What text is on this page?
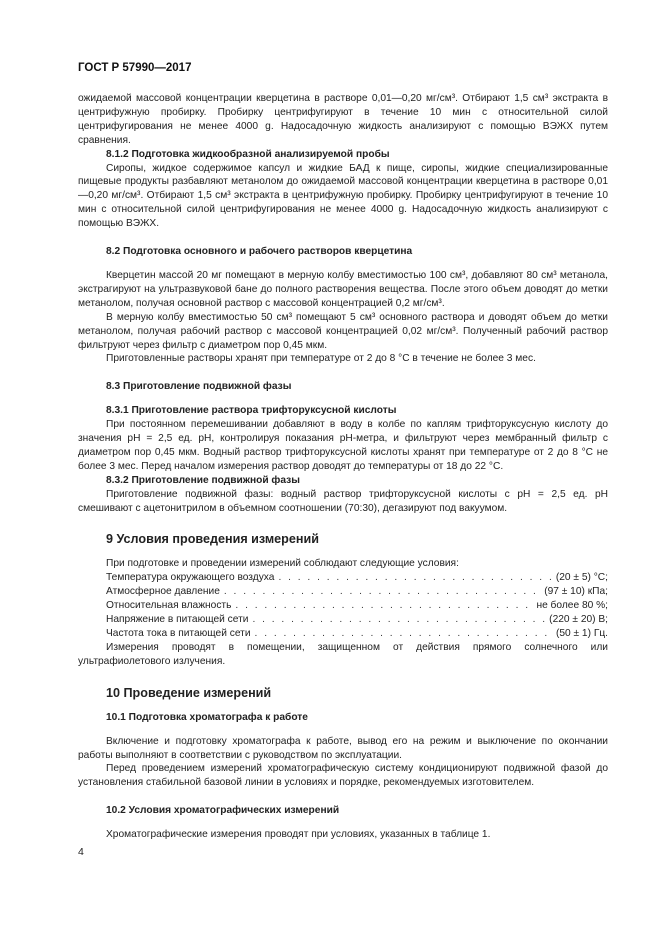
ГОСТ Р 57990—2017

ожидаемой массовой концентрации кверцетина в растворе 0,01—0,20 мг/см³. Отбирают 1,5 см³ экстракта в центрифужную пробирку. Пробирку центрифугируют в течение 10 мин с относительной силой центрифугирования не менее 4000 g. Надосадочную жидкость анализируют с помощью ВЭЖХ путем сравнения.

8.1.2 Подготовка жидкообразной анализируемой пробы

Сиропы, жидкое содержимое капсул и жидкие БАД к пище, сиропы, жидкие специализированные пищевые продукты разбавляют метанолом до ожидаемой массовой концентрации кверцетина в растворе 0,01—0,20 мг/см³. Отбирают 1,5 см³ экстракта в центрифужную пробирку. Пробирку центрифугируют в течение 10 мин с относительной силой центрифугирования не менее 4000 g. Надосадочную жидкость анализируют с помощью ВЭЖХ.

8.2 Подготовка основного и рабочего растворов кверцетина

Кверцетин массой 20 мг помещают в мерную колбу вместимостью 100 см³, добавляют 80 см³ метанола, экстрагируют на ультразвуковой бане до полного растворения вещества. После этого объем доводят до метки метанолом, получая основной раствор с массовой концентрацией 0,2 мг/см³.

В мерную колбу вместимостью 50 см³ помещают 5 см³ основного раствора и доводят объем до метки метанолом, получая рабочий раствор с массовой концентрацией 0,02 мг/см³. Полученный рабочий раствор фильтруют через фильтр с диаметром пор 0,45 мкм.

Приготовленные растворы хранят при температуре от 2 до 8 °С в течение не более 3 мес.

8.3 Приготовление подвижной фазы

8.3.1 Приготовление раствора трифторуксусной кислоты

При постоянном перемешивании добавляют в воду в колбе по каплям трифторуксусную кислоту до значения рН = 2,5 ед. рН, контролируя показания рН-метра, и фильтруют через мембранный фильтр с диаметром пор 0,45 мкм. Водный раствор трифторуксусной кислоты хранят при температуре от 2 до 8 °С не более 3 мес. Перед началом измерения раствор доводят до температуры от 18 до 22 °С.

8.3.2 Приготовление подвижной фазы

Приготовление подвижной фазы: водный раствор трифторуксусной кислоты с рН = 2,5 ед. рН смешивают с ацетонитрилом в объемном соотношении (70:30), дегазируют под вакуумом.

9 Условия проведения измерений

При подготовке и проведении измерений соблюдают следующие условия:

Температура окружающего воздуха . . .	(20 ± 5) °С;
Атмосферное давление . . .	(97 ± 10) кПа;
Относительная влажность . . .	не более 80 %;
Напряжение в питающей сети . . .	(220 ± 20) В;
Частота тока в питающей сети . . .	(50 ± 1) Гц.

Измерения проводят в помещении, защищенном от действия прямого солнечного или ультрафиолетового излучения.

10 Проведение измерений

10.1 Подготовка хроматографа к работе

Включение и подготовку хроматографа к работе, вывод его на режим и выключение по окончании работы выполняют в соответствии с руководством по эксплуатации.

Перед проведением измерений хроматографическую систему кондиционируют подвижной фазой до установления стабильной базовой линии в условиях и порядке, рекомендуемых изготовителем.

10.2 Условия хроматографических измерений

Хроматографические измерения проводят при условиях, указанных в таблице 1.

4
